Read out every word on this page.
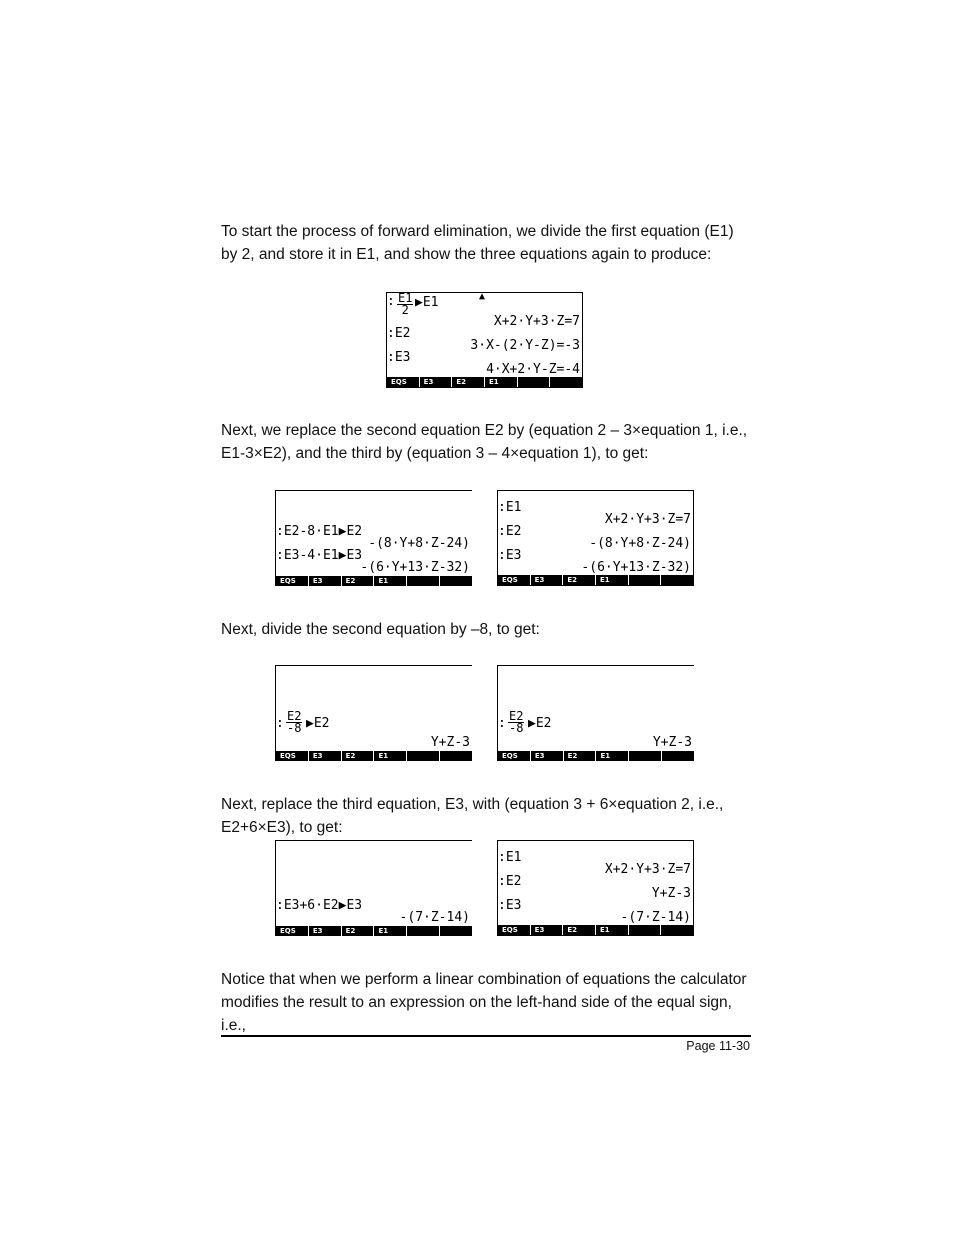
To start the process of forward elimination, we divide the first equation (E1) by 2, and store it in E1, and show the three equations again to produce:
Next, we replace the second equation E2 by (equation 2 – 3×equation 1, i.e., E1-3×E2), and the third by (equation 3 – 4×equation 1), to get:
Next, divide the second equation by –8, to get:
Next, replace the third equation, E3, with (equation 3 + 6×equation 2, i.e., E2+6×E3), to get:
Notice that when we perform a linear combination of equations the calculator modifies the result to an expression on the left-hand side of the equal sign, i.e.,
: $\frac{E1}{2}$ ▶E1	▲
X+2·Y+3·Z=7
:E2
3·X-(2·Y-Z)=-3
:E3
4·X+2·Y-Z=-4
EQS	E3	E2	E1
:E2-8·E1▶E2
-(8·Y+8·Z-24)
:E3-4·E1▶E3
-(6·Y+13·Z-32)
EQS	E3	E2	E1
:E1
X+2·Y+3·Z=7
:E2
-(8·Y+8·Z-24)
:E3
-(6·Y+13·Z-32)
EQS	E3	E2	E1
: $\frac{E2}{-8}$ ▶E2
Y+Z-3
EQS	E3	E2	E1
: $\frac{E2}{-8}$ ▶E2
Y+Z-3
EQS	E3	E2	E1
:E3+6·E2▶E3
-(7·Z-14)
EQS	E3	E2	E1
:E1
X+2·Y+3·Z=7
:E2
Y+Z-3
:E3
-(7·Z-14)
EQS	E3	E2	E1
Page 11-30
